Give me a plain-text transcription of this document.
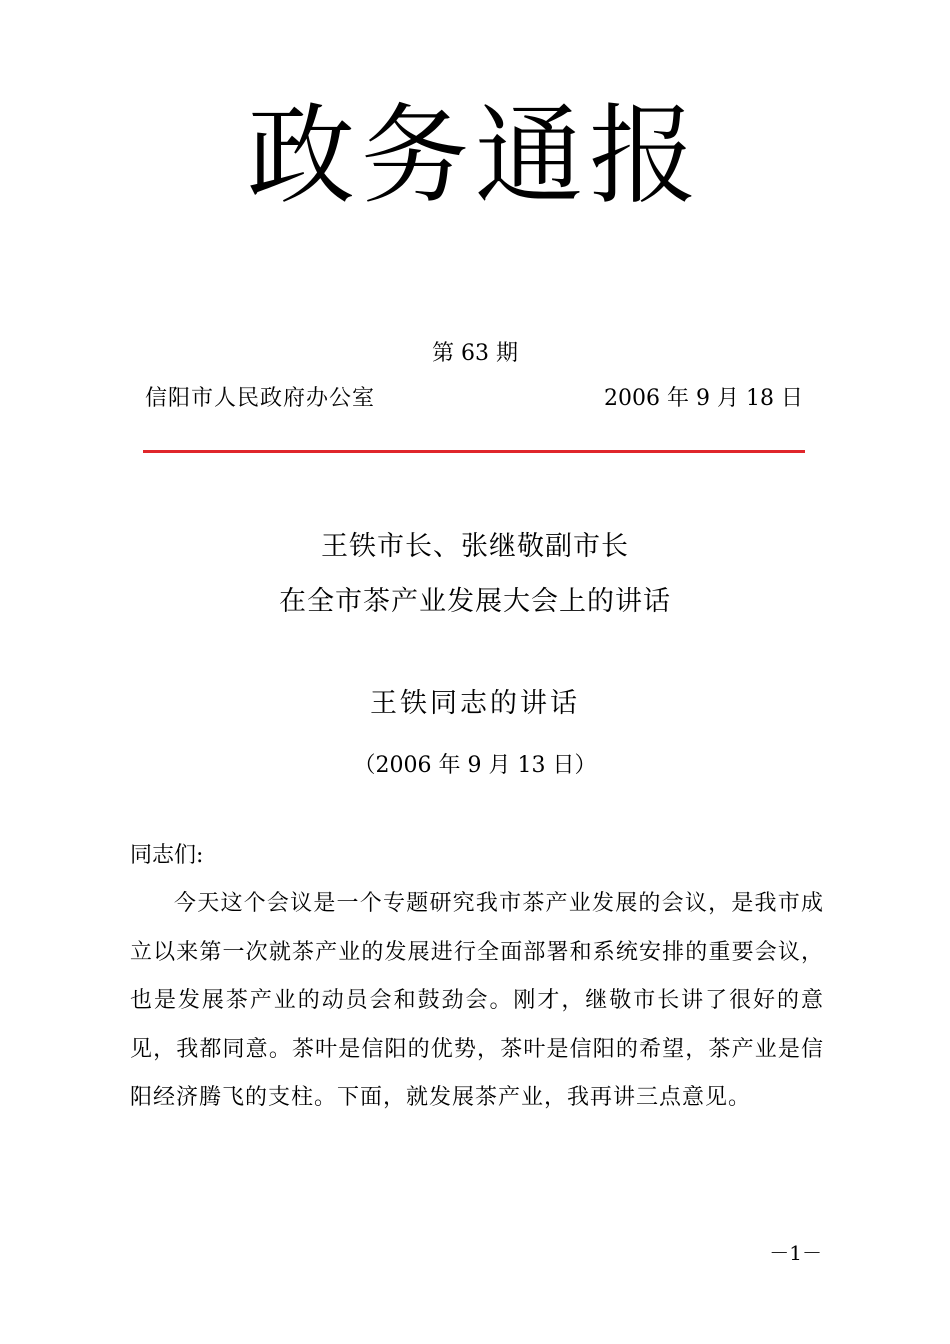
政务通报
第 63 期
信阳市人民政府办公室	2006 年 9 月 18 日
王铁市长、张继敬副市长
在全市茶产业发展大会上的讲话
王铁同志的讲话
（2006 年 9 月 13 日）
同志们:

今天这个会议是一个专题研究我市茶产业发展的会议，是我市成立以来第一次就茶产业的发展进行全面部署和系统安排的重要会议，也是发展茶产业的动员会和鼓劲会。刚才，继敬市长讲了很好的意见，我都同意。茶叶是信阳的优势，茶叶是信阳的希望，茶产业是信阳经济腾飞的支柱。下面，就发展茶产业，我再讲三点意见。

－1－
